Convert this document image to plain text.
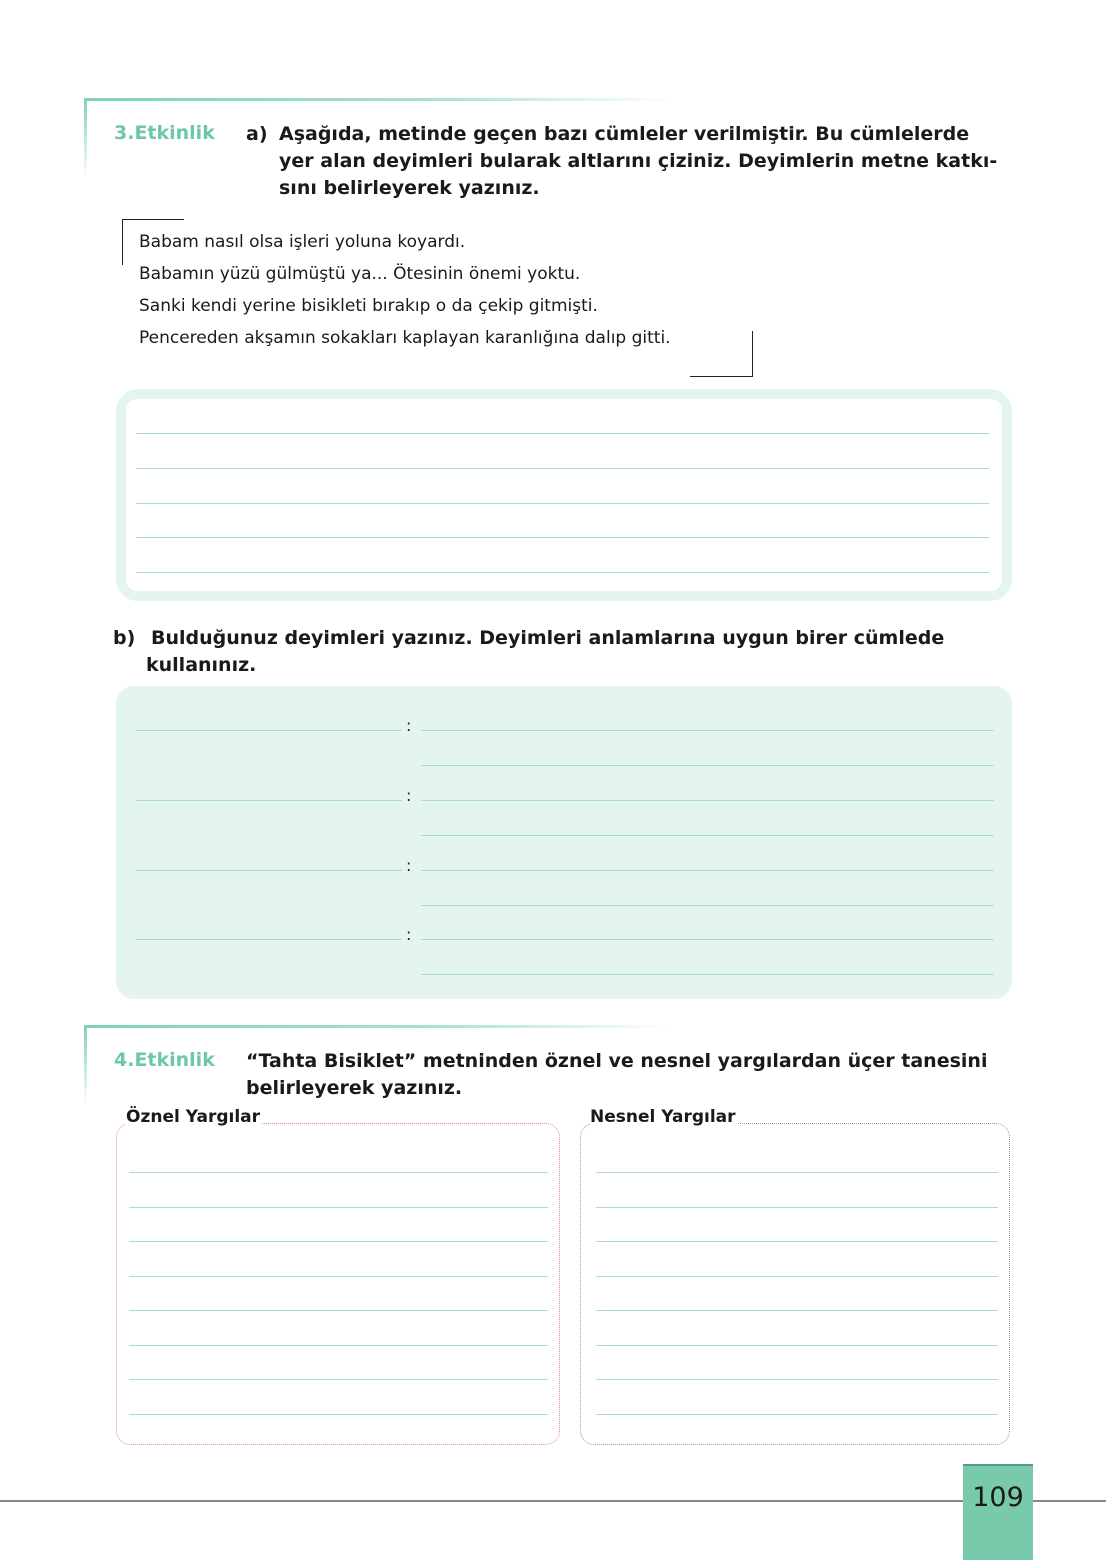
3.Etkinlik a) Aşağıda, metinde geçen bazı cümleler verilmiştir. Bu cümlelerde
yer alan deyimleri bularak altlarını çiziniz. Deyimlerin metne katkı-
sını belirleyerek yazınız.
Babam nasıl olsa işleri yoluna koyardı.
Babamın yüzü gülmüştü ya... Ötesinin önemi yoktu.
Sanki kendi yerine bisikleti bırakıp o da çekip gitmişti.
Pencereden akşamın sokakları kaplayan karanlığına dalıp gitti.
b) Bulduğunuz deyimleri yazınız. Deyimleri anlamlarına uygun birer cümlede
kullanınız.
:
:
:
:
4.Etkinlik “Tahta Bisiklet” metninden öznel ve nesnel yargılardan üçer tanesini
belirleyerek yazınız.
Öznel Yargılar	Nesnel Yargılar
109
